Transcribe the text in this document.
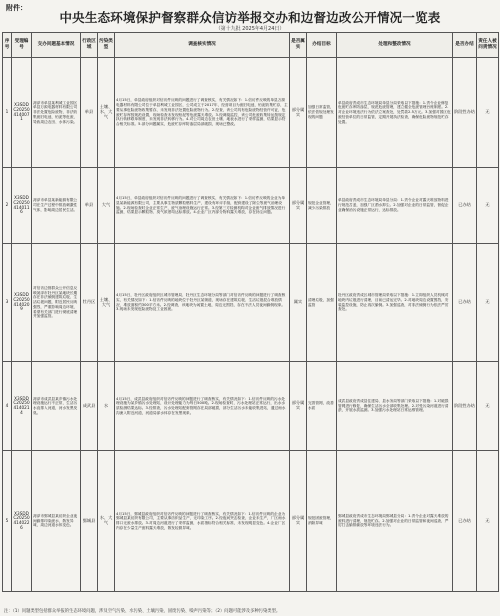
附件：
中央生态环境保护督察群众信访举报交办和边督边改公开情况一览表
（第十九批 2025年4月24日）
序号	受理编号	交办问题基本情况	行政区域	污染类型	调查核实情况	是否属实	办结目标	处理和整改情况	是否办结	责任人被问责情况
1	X3SDDC202504140071	菏泽市单县某利城工业园区单县万源电器材料有限公司非法处置危险废物，非法收集废旧电池、铅泥等危废，导致周边农田、水体污染。	单县	土壤、水、大气	4月15日，单县政府组织对信访件反映的问题进行了调查核实，有关情况如下：1.信访件反映的单县万源电器材料有限公司位于单县利城工业园区，公司成立于2017年，经营项目为废旧电池、铅泥收集贮存，主要从事危险废物收集暂存，未发现非法处置危险废物行为。2.经查，该公司具有危险废物经营许可证，危废贮存库按规范设置，现场检查未发现铅泥等危废露天堆放。3.经调阅监控，该公司危废收集转运按规定执行转移联单制度，未发现非法转移行为。4.对公司周边农田土壤、地表水进行了采样监测，结果显示符合相关标准。5.部分问题属实，危废贮存库防渗层局部破损，现场已整改。	部分属实	加强日常监管，依法依规处理发现的问题	单县政府责成市生态环境局单县分局采取以下措施：1.责令企业修复危废贮存库防渗层，规范危废管理，建立健全危废管理台账制度。2.对企业环境违法行为依法立案查处，处罚款2.5万元。3.加强对园区危废经营单位的日常监管，定期开展执法检查，确保危险废物规范贮存处置。	阶段性办结	无
2	X3SDDC202504140116	菏泽市单县某新能源有限公司在生产过程中排放刺激性气体，影响周边居民生活。	单县	大气	4月15日，单县政府组织对信访件反映的问题进行了调查核实，有关情况如下：1.信访件反映的企业为单县某新能源有限公司，主要从事生物质颗粒燃料生产，建设有环评手续，配套建设了除尘等废气治理设施。2.现场检查时企业正常生产，废气治理设施运行正常。3.经第三方检测机构对企业废气排放情况进行监测，结果显示颗粒物、臭气浓度均达标排放。4.企业厂区内部分物料露天堆放，存在扬尘问题。	部分属实	规范企业管理，减少污染排放	单县政府责成市生态环境局单县分局：1.责令企业对露天堆放物料进行规范苫盖，加强厂区洒水抑尘。2.加强对企业的日常监管，督促企业确保治污设施正常运行，达标排放。	已办结	无
3	X3SDDC202504140209	对信访边督群众公开信息反映菏泽市牡丹区某地块长期存在非法倾倒建筑垃圾、生活垃圾问题，附近居民反映强烈，严重影响周边环境，希望有关部门进行彻底清理并加强监管。	牡丹区	土壤、大气	4月15日，牡丹区政府组织区城市管理局、牡丹区生态环境分局等部门对信访件反映的问题进行了调查核实，有关情况如下：1.信访件反映的地块位于牡丹区某街道，现场存在建筑垃圾、生活垃圾混合堆放情况，堆放面积约300平方米。2.经调查，该地块为闲置土地，周边无围挡，存在不法人员夜间偷倒现象。3.现场未发现危险废物及工业固废。	属实	清理垃圾，加强监管	牡丹区政府责成区城市管理局采取以下措施：1.立即组织人员机械对地块内垃圾进行清理，目前已清运完毕。2.对地块周边设置围挡，安装监控设施，防止再次偷倒。3.加强巡查，对非法倾倒行为依法严厉查处。	已办结	无
4	X3SDDC202504140214	菏泽市成武县某乡镇污水处理设施运行不正常，生活污水直排入河道，河水发黑发臭。	成武县	水	4月15日，成武县政府组织对信访件反映的问题进行了调查核实，有关情况如下：1.信访件反映的污水处理设施为某乡镇污水处理站，设计处理能力为每日500吨。2.现场检查时，污水处理站正常运行，出水水质检测结果达标。3.经排查，污水处理站配套管网存在局部破损，部分生活污水未能收集进站，通过雨水沟流入附近河道，河道局部水体存在发黑现象。	部分属实	完善管网，改善水质	成武县政府责成县住建局、县水务局等部门采取以下措施：1.对破损管网进行修复，确保生活污水全部收集处理。2.对受污染河道进行清淤，开展水质监测。3.加强污水处理站日常运维管理。	阶段性办结	无
5	X3SDDC202504140226	菏泽市鄄城县某纺织企业夜间偷排印染废水，散发异味，周边河道水体变色。	鄄城县	水、大气	4月15日，鄄城县政府组织对信访件反映的问题进行了调查核实，有关情况如下：1.信访件反映的企业为鄄城县某纺织有限公司，主要从事纺织品生产，无印染工序。2.经夜间突击检查，企业未生产，厂区雨水排口无废水排放。3.对周边河道进行了采样监测，水质指标符合相关标准，未发现明显变色。4.企业厂区内存在少量生产废料露天堆放，散发轻微异味。	部分属实	规范固废管理，消除异味	鄄城县政府责成市生态环境局鄄城县分局：1.责令企业对露天堆放的废料进行清理，规范贮存。2.加强对企业的日常监管和夜间巡查，严厉打击偷排偷放等环境违法行为。	已办结	无
注：（1）问题类型包括群众举报的生态环境问题，涉及空气污染、水污染、土壤污染、固废污染、噪声污染等；（2）问题可能涉及多种污染类型。
